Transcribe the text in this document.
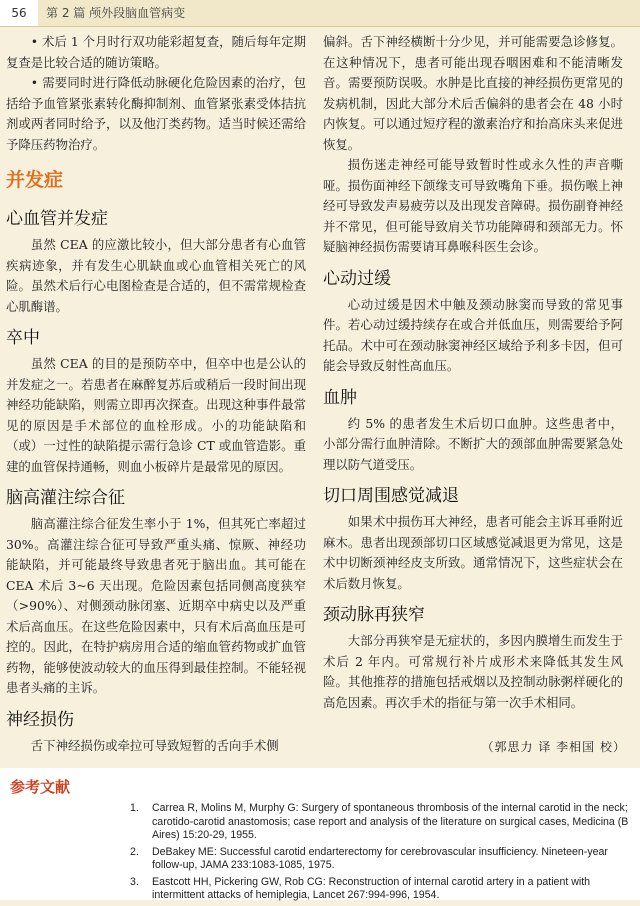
56	第 2 篇 颅外段脑血管病变

• 术后 1 个月时行双功能彩超复查，随后每年定期复查是比较合适的随访策略。

• 需要同时进行降低动脉硬化危险因素的治疗，包括给予血管紧张素转化酶抑制剂、血管紧张素受体拮抗剂或两者同时给予，以及他汀类药物。适当时候还需给予降压药物治疗。

并发症
心血管并发症

虽然 CEA 的应激比较小，但大部分患者有心血管疾病迹象，并有发生心肌缺血或心血管相关死亡的风险。虽然术后行心电图检查是合适的，但不需常规检查心肌酶谱。

卒中

虽然 CEA 的目的是预防卒中，但卒中也是公认的并发症之一。若患者在麻醉复苏后或稍后一段时间出现神经功能缺陷，则需立即再次探查。出现这种事件最常见的原因是手术部位的血栓形成。小的功能缺陷和（或）一过性的缺陷提示需行急诊 CT 或血管造影。重建的血管保持通畅，则血小板碎片是最常见的原因。

脑高灌注综合征

脑高灌注综合征发生率小于 1%，但其死亡率超过 30%。高灌注综合征可导致严重头痛、惊厥、神经功能缺陷，并可能最终导致患者死于脑出血。其可能在 CEA 术后 3~6 天出现。危险因素包括同侧高度狭窄（>90%）、对侧颈动脉闭塞、近期卒中病史以及严重术后高血压。在这些危险因素中，只有术后高血压是可控的。因此，在特护病房用合适的缩血管药物或扩血管药物，能够使波动较大的血压得到最佳控制。不能轻视患者头痛的主诉。

神经损伤

舌下神经损伤或牵拉可导致短暂的舌向手术侧

偏斜。舌下神经横断十分少见，并可能需要急诊修复。在这种情况下，患者可能出现吞咽困难和不能清晰发音。需要预防误吸。水肿是比直接的神经损伤更常见的发病机制，因此大部分术后舌偏斜的患者会在 48 小时内恢复。可以通过短疗程的激素治疗和抬高床头来促进恢复。

损伤迷走神经可能导致暂时性或永久性的声音嘶哑。损伤面神经下颌缘支可导致嘴角下垂。损伤喉上神经可导致发声易疲劳以及出现发音障碍。损伤副脊神经并不常见，但可能导致肩关节功能障碍和颈部无力。怀疑脑神经损伤需要请耳鼻喉科医生会诊。

心动过缓

心动过缓是因术中触及颈动脉窦而导致的常见事件。若心动过缓持续存在或合并低血压，则需要给予阿托品。术中可在颈动脉窦神经区域给予利多卡因，但可能会导致反射性高血压。

血肿

约 5% 的患者发生术后切口血肿。这些患者中，小部分需行血肿清除。不断扩大的颈部血肿需要紧急处理以防气道受压。

切口周围感觉减退

如果术中损伤耳大神经，患者可能会主诉耳垂附近麻木。患者出现颈部切口区域感觉减退更为常见，这是术中切断颈神经皮支所致。通常情况下，这些症状会在术后数月恢复。

颈动脉再狭窄

大部分再狭窄是无症状的，多因内膜增生而发生于术后 2 年内。可常规行补片成形术来降低其发生风险。其他推荐的措施包括戒烟以及控制动脉粥样硬化的高危因素。再次手术的指征与第一次手术相同。

（郭思力 译 李相国 校）
参考文献
1. Carrea R, Molins M, Murphy G: Surgery of spontaneous thrombosis of the internal carotid in the neck; carotido-carotid anastomosis; case report and analysis of the literature on surgical cases, Medicina (B Aires) 15:20-29, 1955.
2. DeBakey ME: Successful carotid endarterectomy for cerebrovascular insufficiency. Nineteen-year follow-up, JAMA 233:1083-1085, 1975.
3. Eastcott HH, Pickering GW, Rob CG: Reconstruction of internal carotid artery in a patient with intermittent attacks of hemiplegia, Lancet 267:994-996, 1954.
